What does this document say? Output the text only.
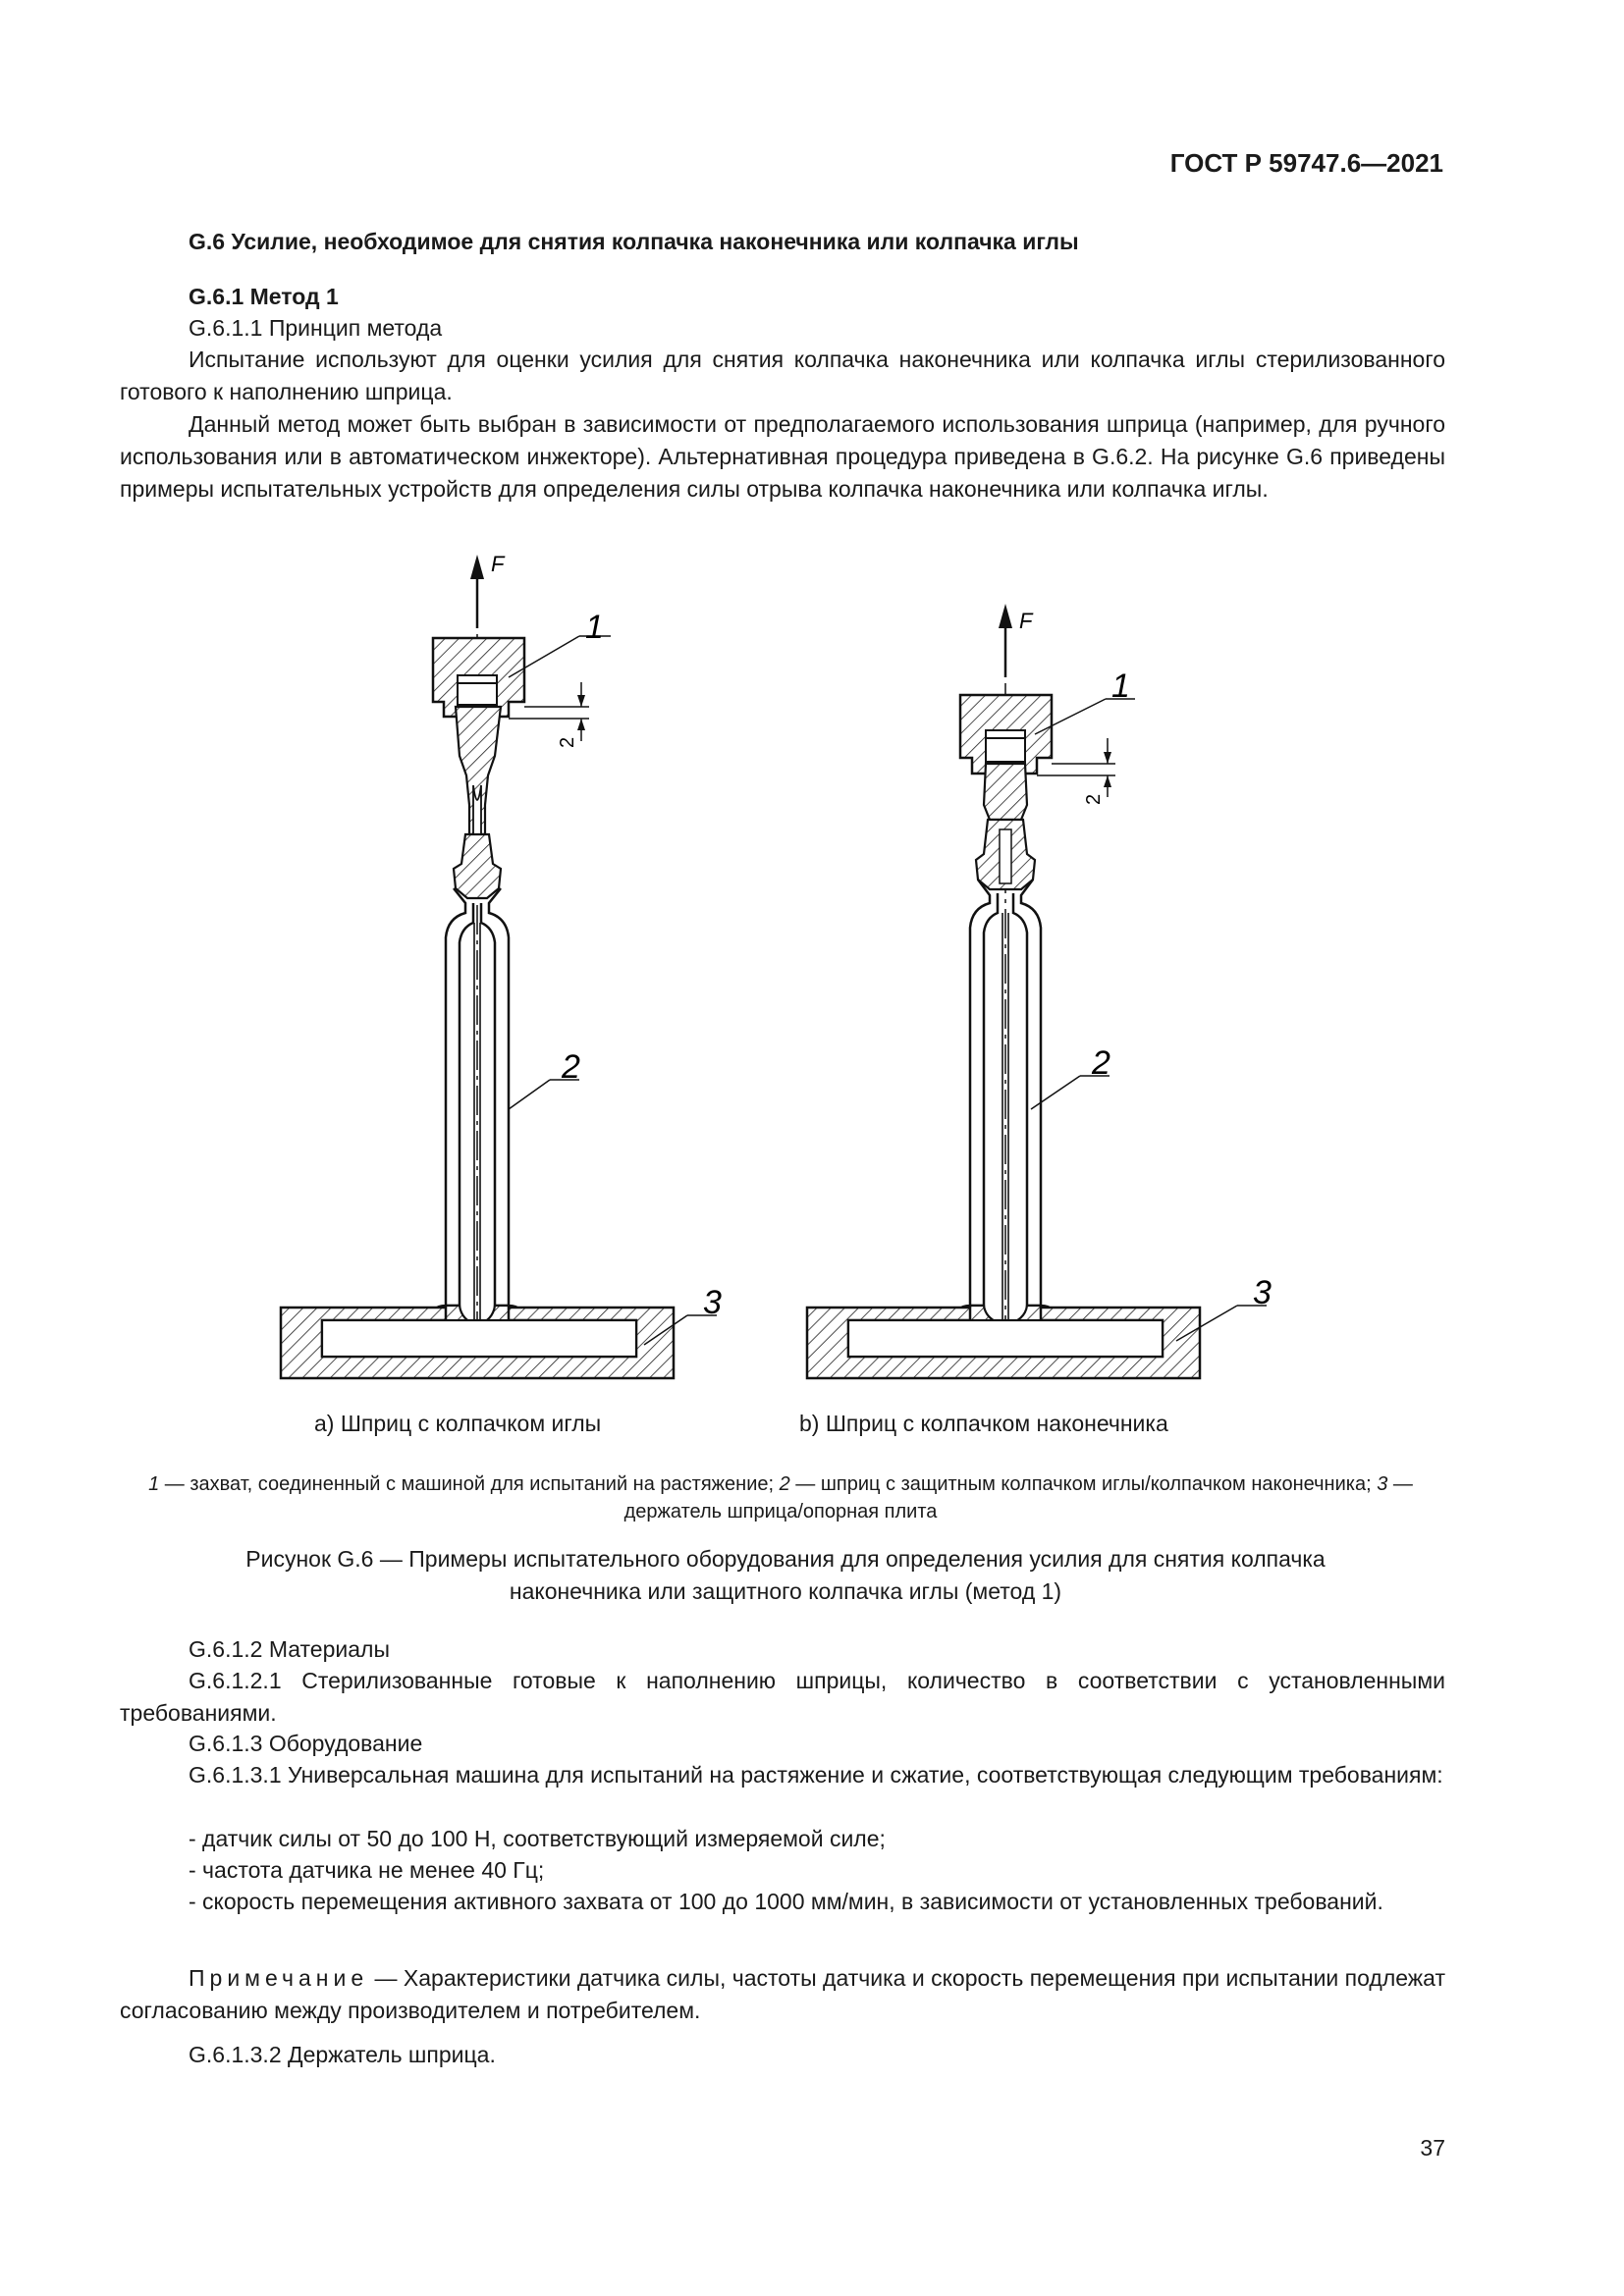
ГОСТ Р 59747.6—2021
G.6 Усилие, необходимое для снятия колпачка наконечника или колпачка иглы
G.6.1 Метод 1
G.6.1.1 Принцип метода
Испытание используют для оценки усилия для снятия колпачка наконечника или колпачка иглы стерилизованного готового к наполнению шприца.
Данный метод может быть выбран в зависимости от предполагаемого использования шприца (например, для ручного использования или в автоматическом инжекторе). Альтернативная процедура приведена в G.6.2. На рисунке G.6 приведены примеры испытательных устройств для определения силы отрыва колпачка наконечника или колпачка иглы.
2
1
2
3
F
2
1
2
3
F
a) Шприц с колпачком иглы	b) Шприц с колпачком наконечника
1 — захват, соединенный с машиной для испытаний на растяжение; 2 — шприц с защитным колпачком иглы/колпачком наконечника; 3 — держатель шприца/опорная плита
Рисунок G.6 — Примеры испытательного оборудования для определения усилия для снятия колпачка наконечника или защитного колпачка иглы (метод 1)
G.6.1.2 Материалы
G.6.1.2.1 Стерилизованные готовые к наполнению шприцы, количество в соответствии с установленными требованиями.
G.6.1.3 Оборудование
G.6.1.3.1 Универсальная машина для испытаний на растяжение и сжатие, соответствующая следующим требованиям:
- датчик силы от 50 до 100 Н, соответствующий измеряемой силе;
- частота датчика не менее 40 Гц;
- скорость перемещения активного захвата от 100 до 1000 мм/мин, в зависимости от установленных требований.
Примечание — Характеристики датчика силы, частоты датчика и скорость перемещения при испытании подлежат согласованию между производителем и потребителем.
G.6.1.3.2 Держатель шприца.
37
